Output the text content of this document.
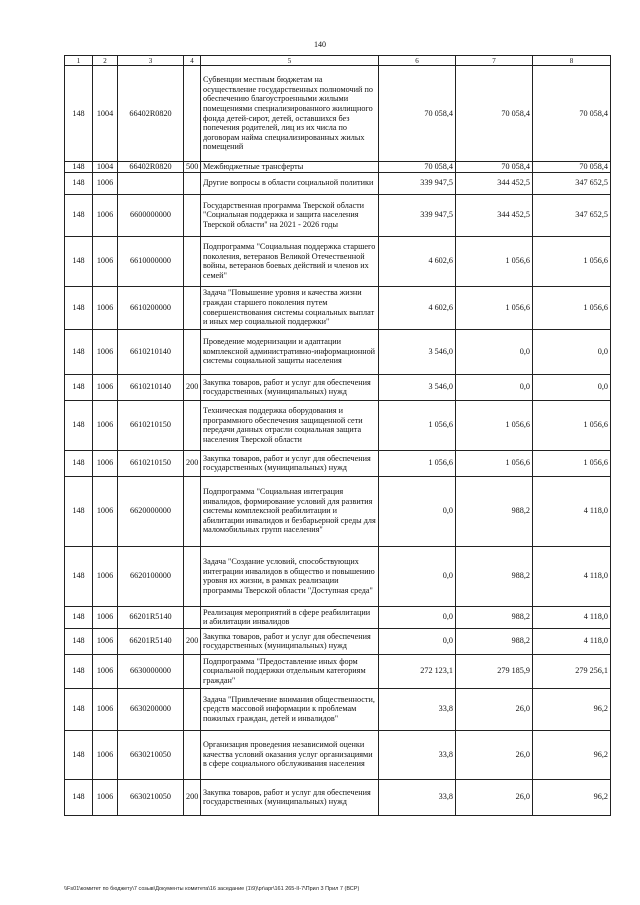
140
1	2	3	4	5	6	7	8
148	1004	66402R0820		Субвенции местным бюджетам на осуществление государственных полномочий по обеспечению благоустроенными жилыми помещениями специализированного жилищного фонда детей-сирот, детей, оставшихся без попечения родителей, лиц из их числа по договорам найма специализированных жилых помещений	70 058,4	70 058,4	70 058,4
148	1004	66402R0820	500	Межбюджетные трансферты	70 058,4	70 058,4	70 058,4
148	1006			Другие вопросы в области социальной политики	339 947,5	344 452,5	347 652,5
148	1006	6600000000		Государственная программа Тверской области "Социальная поддержка и защита населения Тверской области" на 2021 - 2026 годы	339 947,5	344 452,5	347 652,5
148	1006	6610000000		Подпрограмма "Социальная поддержка старшего поколения, ветеранов Великой Отечественной войны, ветеранов боевых действий и членов их семей"	4 602,6	1 056,6	1 056,6
148	1006	6610200000		Задача "Повышение уровня и качества жизни граждан старшего поколения путем совершенствования системы социальных выплат и иных мер социальной поддержки"	4 602,6	1 056,6	1 056,6
148	1006	6610210140		Проведение модернизации и адаптации комплексной административно-информационной системы социальной защиты населения	3 546,0	0,0	0,0
148	1006	6610210140	200	Закупка товаров, работ и услуг для обеспечения государственных (муниципальных) нужд	3 546,0	0,0	0,0
148	1006	6610210150		Техническая поддержка оборудования и программного обеспечения защищенной сети передачи данных отрасли социальная защита населения Тверской области	1 056,6	1 056,6	1 056,6
148	1006	6610210150	200	Закупка товаров, работ и услуг для обеспечения государственных (муниципальных) нужд	1 056,6	1 056,6	1 056,6
148	1006	6620000000		Подпрограмма "Социальная интеграция инвалидов, формирование условий для развития системы комплексной реабилитации и абилитации инвалидов и безбарьерной среды для маломобильных групп населения"	0,0	988,2	4 118,0
148	1006	6620100000		Задача "Создание условий, способствующих интеграции инвалидов в общество и повышению уровня их жизни, в рамках реализации программы Тверской области "Доступная среда"	0,0	988,2	4 118,0
148	1006	66201R5140		Реализация мероприятий в сфере реабилитации и абилитации инвалидов	0,0	988,2	4 118,0
148	1006	66201R5140	200	Закупка товаров, работ и услуг для обеспечения государственных (муниципальных) нужд	0,0	988,2	4 118,0
148	1006	6630000000		Подпрограмма "Предоставление иных форм социальной поддержки отдельным категориям граждан"	272 123,1	279 185,9	279 256,1
148	1006	6630200000		Задача "Привлечение внимания общественности, средств массовой информации к проблемам пожилых граждан, детей и инвалидов"	33,8	26,0	96,2
148	1006	6630210050		Организация проведения независимой оценки качества условий оказания услуг организациями в сфере социального обслуживания населения	33,8	26,0	96,2
148	1006	6630210050	200	Закупка товаров, работ и услуг для обеспечения государственных (муниципальных) нужд	33,8	26,0	96,2
\\Fs01\комитет по бюджету\7 созыв\Документы комитета\16 заседание (1\9)\pr\apr\161 265-II-7\Прил 3 Прил 7 (ВСР)
